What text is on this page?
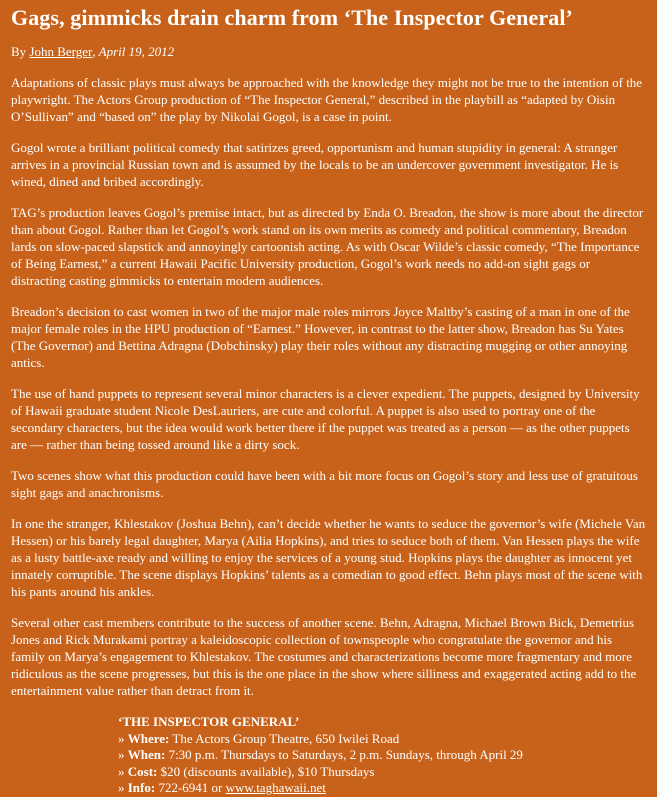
Gags, gimmicks drain charm from ‘The Inspector General’

By John Berger, April 19, 2012

Adaptations of classic plays must always be approached with the knowledge they might not be true to the intention of the playwright. The Actors Group production of “The Inspector General,” described in the playbill as “adapted by Oisin O’Sullivan” and “based on” the play by Nikolai Gogol, is a case in point.

Gogol wrote a brilliant political comedy that satirizes greed, opportunism and human stupidity in general: A stranger arrives in a provincial Russian town and is assumed by the locals to be an undercover government investigator. He is wined, dined and bribed accordingly.

TAG’s production leaves Gogol’s premise intact, but as directed by Enda O. Breadon, the show is more about the director than about Gogol. Rather than let Gogol’s work stand on its own merits as comedy and political commentary, Breadon lards on slow-paced slapstick and annoyingly cartoonish acting. As with Oscar Wilde’s classic comedy, “The Importance of Being Earnest,” a current Hawaii Pacific University production, Gogol’s work needs no add-on sight gags or distracting casting gimmicks to entertain modern audiences.

Breadon’s decision to cast women in two of the major male roles mirrors Joyce Maltby’s casting of a man in one of the major female roles in the HPU production of “Earnest.” However, in contrast to the latter show, Breadon has Su Yates (The Governor) and Bettina Adragna (Dobchinsky) play their roles without any distracting mugging or other annoying antics.

The use of hand puppets to represent several minor characters is a clever expedient. The puppets, designed by University of Hawaii graduate student Nicole DesLauriers, are cute and colorful. A puppet is also used to portray one of the secondary characters, but the idea would work better there if the puppet was treated as a person — as the other puppets are — rather than being tossed around like a dirty sock.

Two scenes show what this production could have been with a bit more focus on Gogol’s story and less use of gratuitous sight gags and anachronisms.

In one the stranger, Khlestakov (Joshua Behn), can’t decide whether he wants to seduce the governor’s wife (Michele Van Hessen) or his barely legal daughter, Marya (Ailia Hopkins), and tries to seduce both of them. Van Hessen plays the wife as a lusty battle-axe ready and willing to enjoy the services of a young stud. Hopkins plays the daughter as innocent yet innately corruptible. The scene displays Hopkins’ talents as a comedian to good effect. Behn plays most of the scene with his pants around his ankles.

Several other cast members contribute to the success of another scene. Behn, Adragna, Michael Brown Bick, Demetrius Jones and Rick Murakami portray a kaleidoscopic collection of townspeople who congratulate the governor and his family on Marya’s engagement to Khlestakov. The costumes and characterizations become more fragmentary and more ridiculous as the scene progresses, but this is the one place in the show where silliness and exaggerated acting add to the entertainment value rather than detract from it.

‘THE INSPECTOR GENERAL’
» Where: The Actors Group Theatre, 650 Iwilei Road
» When: 7:30 p.m. Thursdays to Saturdays, 2 p.m. Sundays, through April 29
» Cost: $20 (discounts available), $10 Thursdays
» Info: 722-6941 or www.taghawaii.net
